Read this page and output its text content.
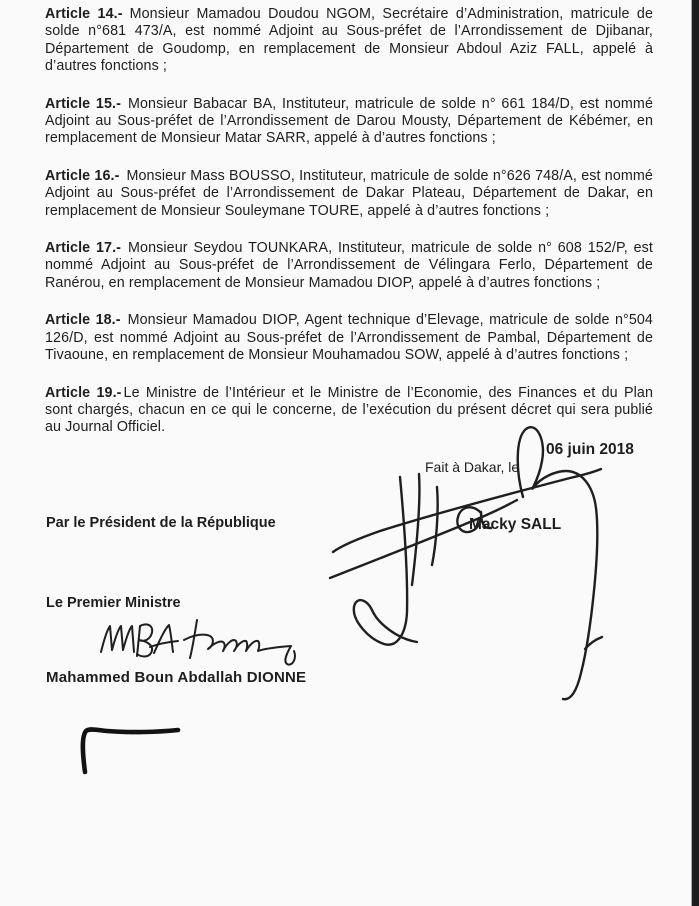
Article 14.- Monsieur Mamadou Doudou NGOM, Secrétaire d’Administration, matricule de solde n°681 473/A, est nommé Adjoint au Sous-préfet de l’Arrondissement de Djibanar, Département de Goudomp, en remplacement de Monsieur Abdoul Aziz FALL, appelé à d’autres fonctions ;

Article 15.- Monsieur Babacar BA, Instituteur, matricule de solde n° 661 184/D, est nommé Adjoint au Sous-préfet de l’Arrondissement de Darou Mousty, Département de Kébémer, en remplacement de Monsieur Matar SARR, appelé à d’autres fonctions ;

Article 16.- Monsieur Mass BOUSSO, Instituteur, matricule de solde n°626 748/A, est nommé Adjoint au Sous-préfet de l’Arrondissement de Dakar Plateau, Département de Dakar, en remplacement de Monsieur Souleymane TOURE, appelé à d’autres fonctions ;

Article 17.- Monsieur Seydou TOUNKARA, Instituteur, matricule de solde n° 608 152/P, est nommé Adjoint au Sous-préfet de l’Arrondissement de Vélingara Ferlo, Département de Ranérou, en remplacement de Monsieur Mamadou DIOP, appelé à d’autres fonctions ;

Article 18.- Monsieur Mamadou DIOP, Agent technique d’Elevage, matricule de solde n°504 126/D, est nommé Adjoint au Sous-préfet de l’Arrondissement de Pambal, Département de Tivaoune, en remplacement de Monsieur Mouhamadou SOW, appelé à d’autres fonctions ;

Article 19.- Le Ministre de l’Intérieur et le Ministre de l’Economie, des Finances et du Plan sont chargés, chacun en ce qui le concerne, de l’exécution du présent décret qui sera publié au Journal Officiel.

Fait à Dakar, le
06 juin 2018
Par le Président de la République	Macky SALL
Le Premier Ministre
Mahammed Boun Abdallah DIONNE
